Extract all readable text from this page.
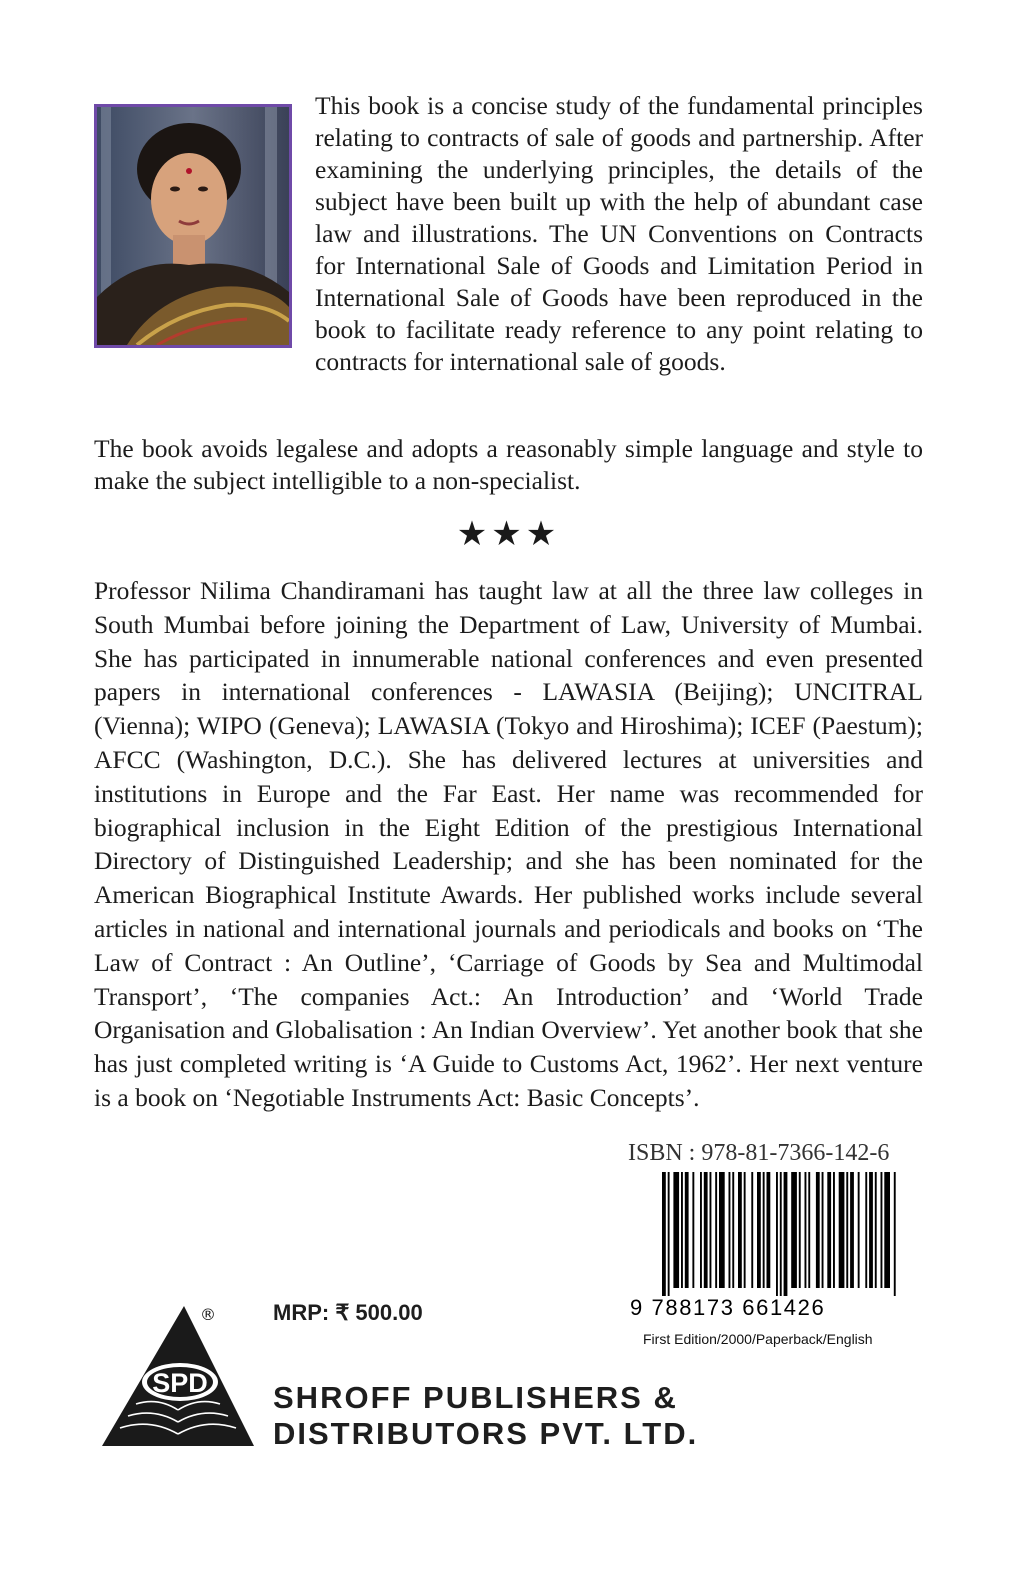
This book is a concise study of the fundamental principles relating to contracts of sale of goods and partnership. After examining the underlying principles, the details of the subject have been built up with the help of abundant case law and illustrations. The UN Conventions on Contracts for International Sale of Goods and Limitation Period in International Sale of Goods have been reproduced in the book to facilitate ready reference to any point relating to contracts for international sale of goods.

The book avoids legalese and adopts a reasonably simple language and style to make the subject intelligible to a non-specialist.

★★★

Professor Nilima Chandiramani has taught law at all the three law colleges in South Mumbai before joining the Department of Law, University of Mumbai. She has participated in innumerable national conferences and even presented papers in international conferences - LAWASIA (Beijing); UNCITRAL (Vienna); WIPO (Geneva); LAWASIA (Tokyo and Hiroshima); ICEF (Paestum); AFCC (Washington, D.C.). She has delivered lectures at universities and institutions in Europe and the Far East. Her name was recommended for biographical inclusion in the Eight Edition of the prestigious International Directory of Distinguished Leadership; and she has been nominated for the American Biographical Institute Awards. Her published works include several articles in national and international journals and periodicals and books on ‘The Law of Contract : An Outline’, ‘Carriage of Goods by Sea and Multimodal Transport’, ‘The companies Act.: An Introduction’ and ‘World Trade Organisation and Globalisation : An Indian Overview’. Yet another book that she has just completed writing is ‘A Guide to Customs Act, 1962’. Her next venture is a book on ‘Negotiable Instruments Act: Basic Concepts’.

ISBN : 978-81-7366-142-6
9 788173 661426
First Edition/2000/Paperback/English
MRP: ₹ 500.00
SPD
®
SHROFF PUBLISHERS &
DISTRIBUTORS PVT. LTD.
